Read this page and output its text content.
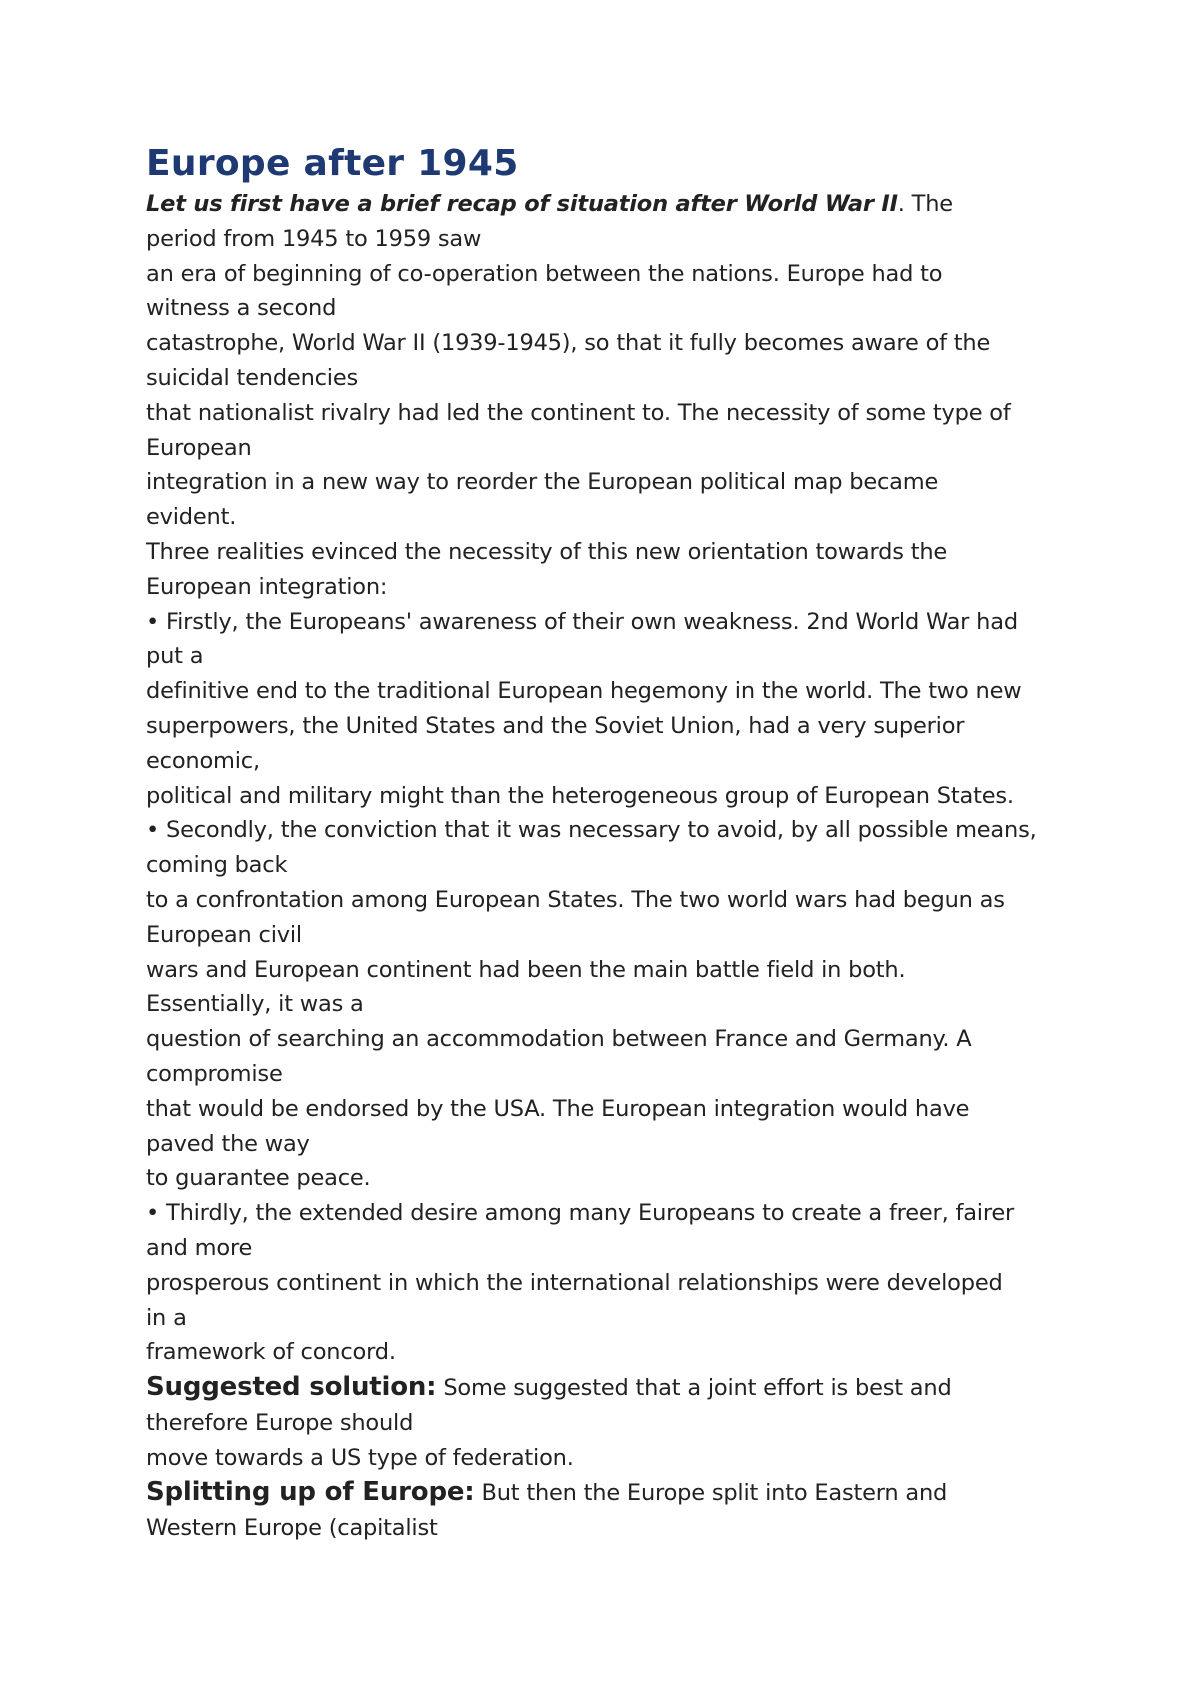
Europe after 1945
Let us first have a brief recap of situation after World War II. The
period from 1945 to 1959 saw
an era of beginning of co-operation between the nations. Europe had to
witness a second
catastrophe, World War II (1939-1945), so that it fully becomes aware of the
suicidal tendencies
that nationalist rivalry had led the continent to. The necessity of some type of
European
integration in a new way to reorder the European political map became
evident.
Three realities evinced the necessity of this new orientation towards the
European integration:
• Firstly, the Europeans' awareness of their own weakness. 2nd World War had
put a
definitive end to the traditional European hegemony in the world. The two new
superpowers, the United States and the Soviet Union, had a very superior
economic,
political and military might than the heterogeneous group of European States.
• Secondly, the conviction that it was necessary to avoid, by all possible means,
coming back
to a confrontation among European States. The two world wars had begun as
European civil
wars and European continent had been the main battle field in both.
Essentially, it was a
question of searching an accommodation between France and Germany. A
compromise
that would be endorsed by the USA. The European integration would have
paved the way
to guarantee peace.
• Thirdly, the extended desire among many Europeans to create a freer, fairer
and more
prosperous continent in which the international relationships were developed
in a
framework of concord.
Suggested solution: Some suggested that a joint effort is best and
therefore Europe should
move towards a US type of federation.
Splitting up of Europe: But then the Europe split into Eastern and
Western Europe (capitalist
